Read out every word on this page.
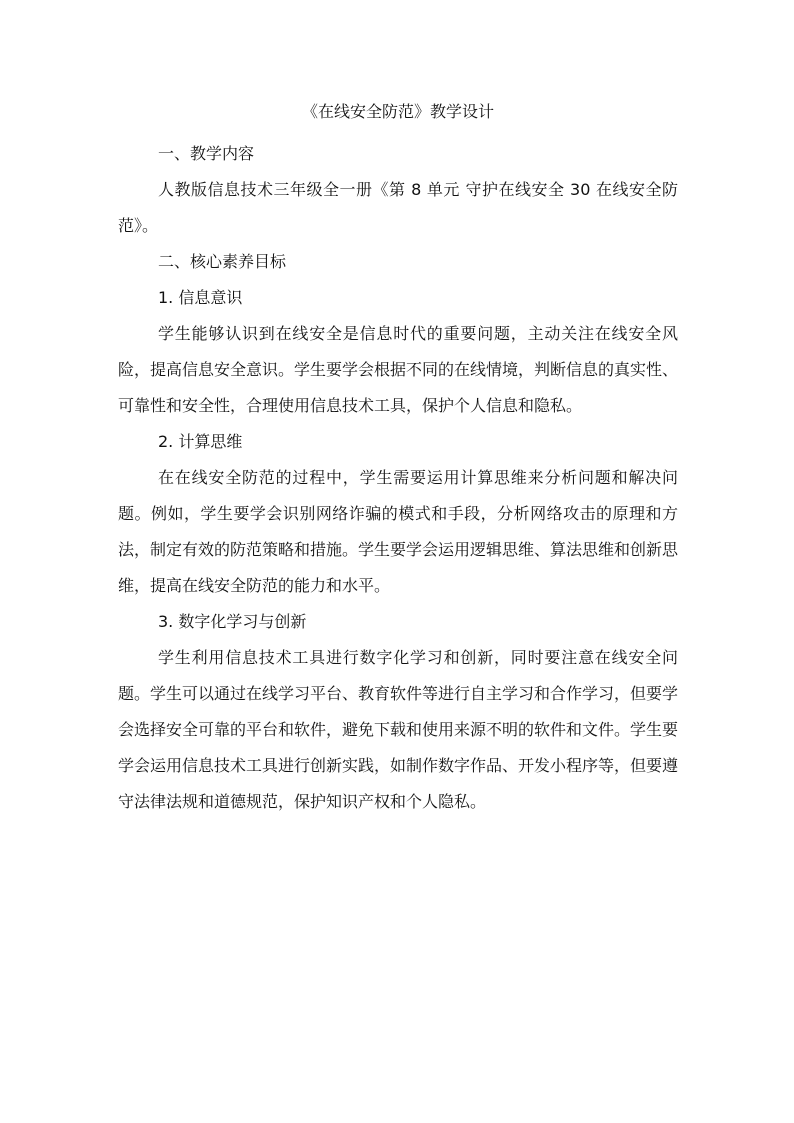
《在线安全防范》教学设计

一、教学内容

人教版信息技术三年级全一册《第 8 单元 守护在线安全 30 在线安全防范》。

二、核心素养目标

1. 信息意识

学生能够认识到在线安全是信息时代的重要问题，主动关注在线安全风险，提高信息安全意识。学生要学会根据不同的在线情境，判断信息的真实性、可靠性和安全性，合理使用信息技术工具，保护个人信息和隐私。

2. 计算思维

在在线安全防范的过程中，学生需要运用计算思维来分析问题和解决问题。例如，学生要学会识别网络诈骗的模式和手段，分析网络攻击的原理和方法，制定有效的防范策略和措施。学生要学会运用逻辑思维、算法思维和创新思维，提高在线安全防范的能力和水平。

3. 数字化学习与创新

学生利用信息技术工具进行数字化学习和创新，同时要注意在线安全问题。学生可以通过在线学习平台、教育软件等进行自主学习和合作学习，但要学会选择安全可靠的平台和软件，避免下载和使用来源不明的软件和文件。学生要学会运用信息技术工具进行创新实践，如制作数字作品、开发小程序等，但要遵守法律法规和道德规范，保护知识产权和个人隐私。
